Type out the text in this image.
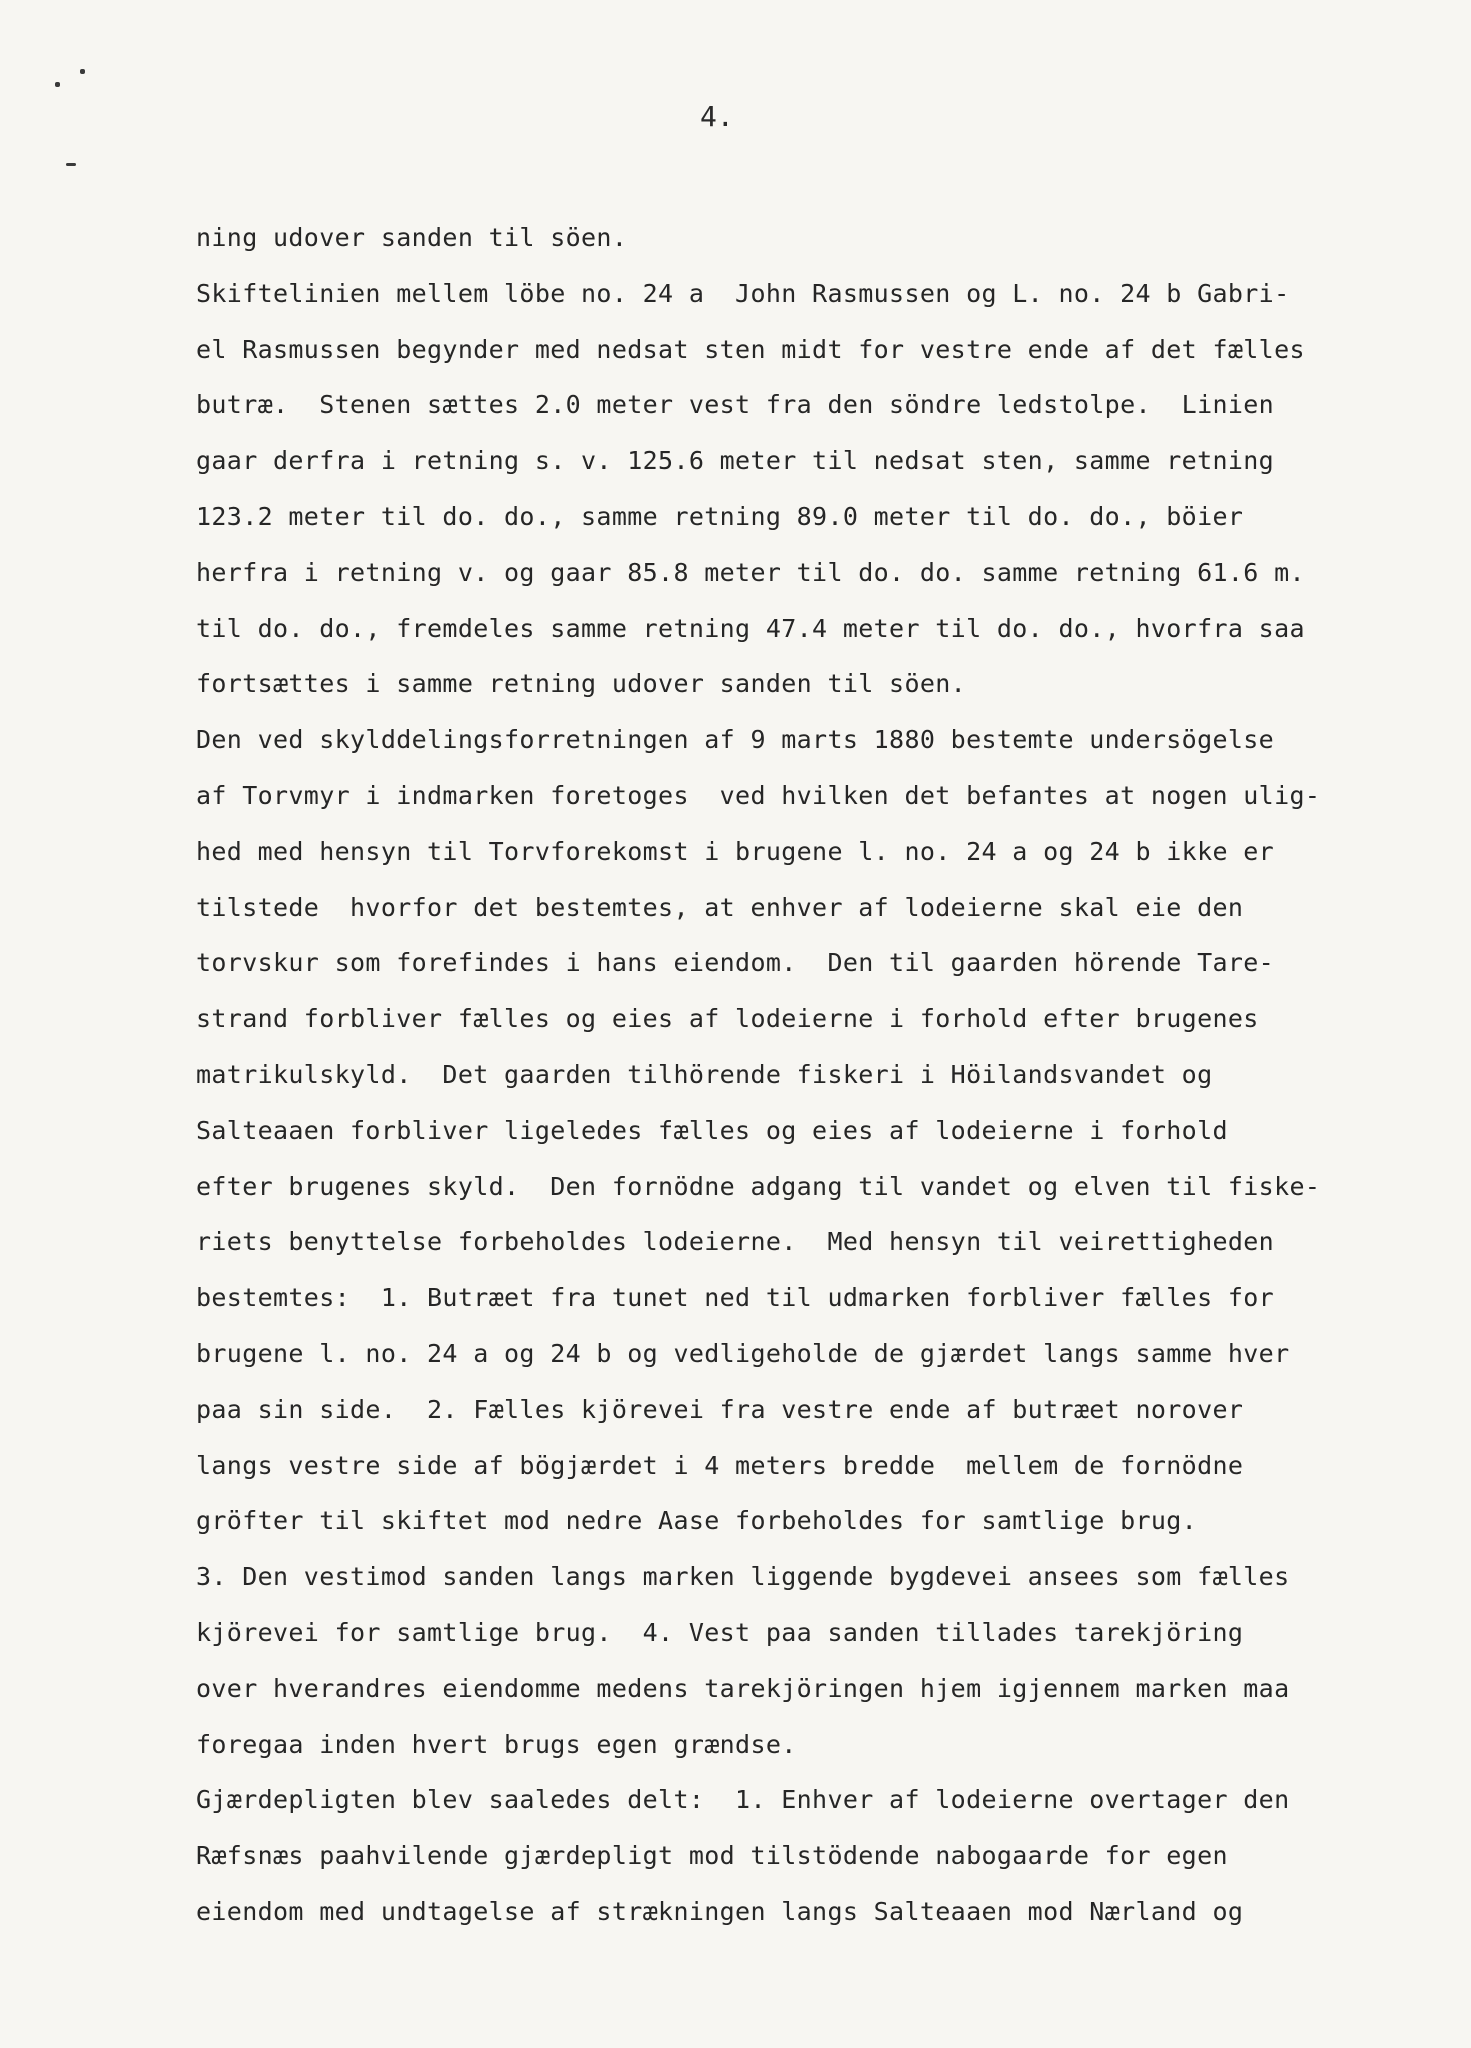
4.
ning udover sanden til söen.
Skiftelinien mellem löbe no. 24 a  John Rasmussen og L. no. 24 b Gabri-
el Rasmussen begynder med nedsat sten midt for vestre ende af det fælles
butræ.  Stenen sættes 2.0 meter vest fra den söndre ledstolpe.  Linien
gaar derfra i retning s. v. 125.6 meter til nedsat sten, samme retning
123.2 meter til do. do., samme retning 89.0 meter til do. do., böier
herfra i retning v. og gaar 85.8 meter til do. do. samme retning 61.6 m.
til do. do., fremdeles samme retning 47.4 meter til do. do., hvorfra saa
fortsættes i samme retning udover sanden til söen.
Den ved skylddelingsforretningen af 9 marts 1880 bestemte undersögelse
af Torvmyr i indmarken foretoges  ved hvilken det befantes at nogen ulig-
hed med hensyn til Torvforekomst i brugene l. no. 24 a og 24 b ikke er
tilstede  hvorfor det bestemtes, at enhver af lodeierne skal eie den
torvskur som forefindes i hans eiendom.  Den til gaarden hörende Tare-
strand forbliver fælles og eies af lodeierne i forhold efter brugenes
matrikulskyld.  Det gaarden tilhörende fiskeri i Höilandsvandet og
Salteaaen forbliver ligeledes fælles og eies af lodeierne i forhold
efter brugenes skyld.  Den fornödne adgang til vandet og elven til fiske-
riets benyttelse forbeholdes lodeierne.  Med hensyn til veirettigheden
bestemtes:  1. Butræet fra tunet ned til udmarken forbliver fælles for
brugene l. no. 24 a og 24 b og vedligeholde de gjærdet langs samme hver
paa sin side.  2. Fælles kjörevei fra vestre ende af butræet norover
langs vestre side af bögjærdet i 4 meters bredde  mellem de fornödne
gröfter til skiftet mod nedre Aase forbeholdes for samtlige brug.
3. Den vestimod sanden langs marken liggende bygdevei ansees som fælles
kjörevei for samtlige brug.  4. Vest paa sanden tillades tarekjöring
over hverandres eiendomme medens tarekjöringen hjem igjennem marken maa
foregaa inden hvert brugs egen grændse.
Gjærdepligten blev saaledes delt:  1. Enhver af lodeierne overtager den
Ræfsnæs paahvilende gjærdepligt mod tilstödende nabogaarde for egen
eiendom med undtagelse af strækningen langs Salteaaen mod Nærland og
